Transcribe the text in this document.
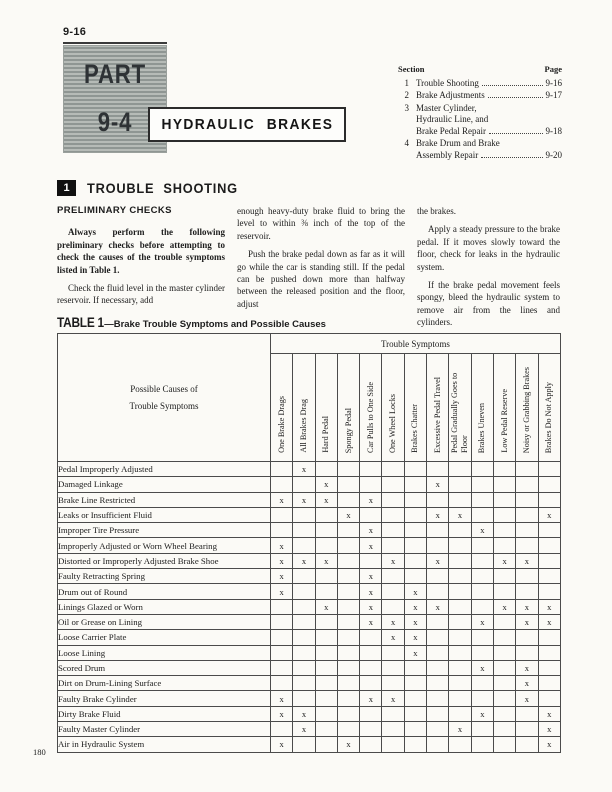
9-16
PART
9-4	HYDRAULIC BRAKES
Section	Page
1 Trouble Shooting	9-16
2 Brake Adjustments	9-17
3 Master Cylinder,
Hydraulic Line, and
Brake Pedal Repair	9-18
4 Brake Drum and Brake
Assembly Repair	9-20
1	TROUBLE SHOOTING
PRELIMINARY CHECKS

Always perform the following preliminary checks before attempting to check the causes of the trouble symptoms listed in Table 1.

Check the fluid level in the master cylinder reservoir. If necessary, add

enough heavy-duty brake fluid to bring the level to within ⅜ inch of the top of the reservoir.

Push the brake pedal down as far as it will go while the car is standing still. If the pedal can be pushed down more than halfway between the released position and the floor, adjust

the brakes.

Apply a steady pressure to the brake pedal. If it moves slowly toward the floor, check for leaks in the hydraulic system.

If the brake pedal movement feels spongy, bleed the hydraulic system to remove air from the lines and cylinders.

TABLE 1—Brake Trouble Symptoms and Possible Causes
Possible Causes of
Trouble Symptoms	Trouble Symptoms												
	One Brake Drags	All Brakes Drag	Hard Pedal	Spongy Pedal	Car Pulls to One Side	One Wheel Locks	Brakes Chatter	Excessive Pedal Travel	Pedal Gradually Goes to Floor	Brakes Uneven	Low Pedal Reserve	Noisy or Grabbing Brakes	Brakes Do Not Apply
Pedal Improperly Adjusted		x											
Damaged Linkage			x					x					
Brake Line Restricted	x	x	x		x								
Leaks or Insufficient Fluid				x				x	x				x
Improper Tire Pressure					x					x			
Improperly Adjusted or Worn Wheel Bearing	x				x								
Distorted or Improperly Adjusted Brake Shoe	x	x	x			x		x			x	x	
Faulty Retracting Spring	x				x								
Drum out of Round	x				x		x						
Linings Glazed or Worn			x		x		x	x			x	x	x
Oil or Grease on Lining					x	x	x			x		x	x
Loose Carrier Plate						x	x						
Loose Lining							x						
Scored Drum										x		x	
Dirt on Drum-Lining Surface												x	
Faulty Brake Cylinder	x				x	x						x	
Dirty Brake Fluid	x	x								x			x
Faulty Master Cylinder		x							x				x
Air in Hydraulic System	x			x									x
180
